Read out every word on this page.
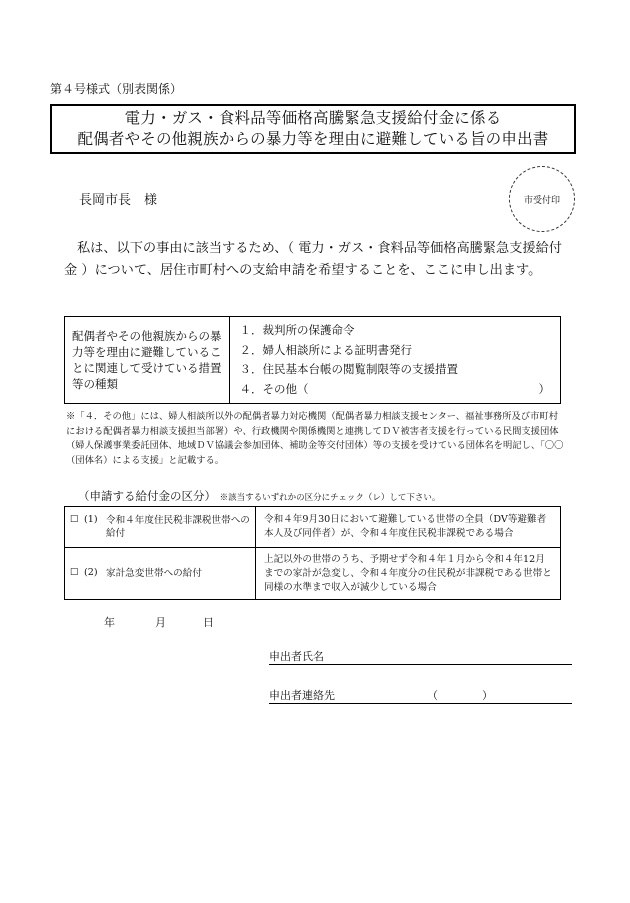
第４号様式（別表関係）
電力・ガス・食料品等価格高騰緊急支援給付金に係る
配偶者やその他親族からの暴力等を理由に避難している旨の申出書
長岡市長　様	市受付印
私は、以下の事由に該当するため、（ 電力・ガス・食料品等価格高騰緊急支援給付金 ）について、居住市町村への支給申請を希望することを、ここに申し出ます。
配偶者やその他親族からの暴力等を理由に避難していることに関連して受けている措置等の種類	
１．裁判所の保護命令
２．婦人相談所による証明書発行
３．住民基本台帳の閲覧制限等の支援措置
４．その他（　　　　　　　　　　　　　　　　　　　　）
※「４．その他」には、婦人相談所以外の配偶者暴力対応機関（配偶者暴力相談支援センター、福祉事務所及び市町村における配偶者暴力相談支援担当部署）や、行政機関や関係機関と連携してＤＶ被害者支援を行っている民間支援団体（婦人保護事業委託団体、地域ＤＶ協議会参加団体、補助金等交付団体）等の支援を受けている団体名を明記し、「〇〇（団体名）による支援」と記載する。
（申請する給付金の区分） ※該当するいずれかの区分にチェック（レ）して下さい。
☐ (1) 令和４年度住民税非課税世帯への給付	令和４年9月30日において避難している世帯の全員（DV等避難者本人及び同伴者）が、令和４年度住民税非課税である場合

☐ (2) 家計急変世帯への給付	上記以外の世帯のうち、予期せず令和４年１月から令和４年12月までの家計が急変し、令和４年度分の住民税が非課税である世帯と同様の水準まで収入が減少している場合
年	月	日
申出者氏名
申出者連絡先	（　　　　）
